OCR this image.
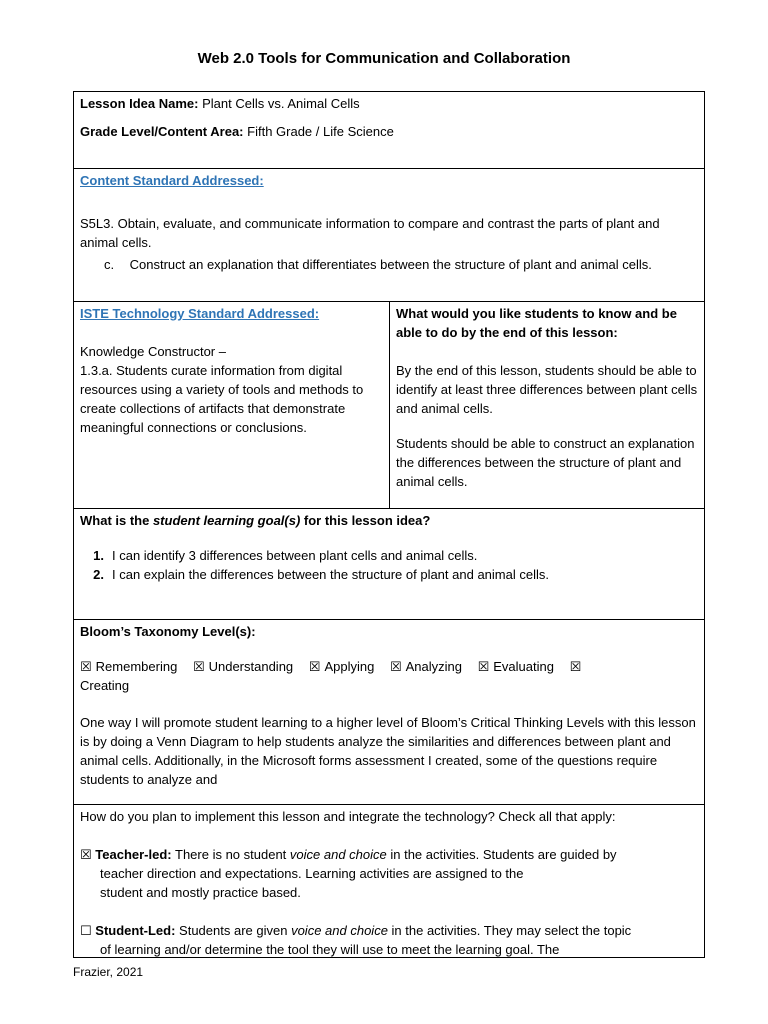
Web 2.0 Tools for Communication and Collaboration
Lesson Idea Name: Plant Cells vs. Animal Cells
Grade Level/Content Area: Fifth Grade / Life Science
Content Standard Addressed:
S5L3. Obtain, evaluate, and communicate information to compare and contrast the parts of plant and animal cells.
c. Construct an explanation that differentiates between the structure of plant and animal cells.
ISTE Technology Standard Addressed:
Knowledge Constructor –
1.3.a. Students curate information from digital resources using a variety of tools and methods to create collections of artifacts that demonstrate meaningful connections or conclusions.
What would you like students to know and be able to do by the end of this lesson:
By the end of this lesson, students should be able to identify at least three differences between plant cells and animal cells.
Students should be able to construct an explanation the differences between the structure of plant and animal cells.
What is the student learning goal(s) for this lesson idea?
1. I can identify 3 differences between plant cells and animal cells.
2. I can explain the differences between the structure of plant and animal cells.
Bloom’s Taxonomy Level(s):
☒ Remembering ☒ Understanding ☒ Applying ☒ Analyzing ☒ Evaluating ☒
Creating
One way I will promote student learning to a higher level of Bloom’s Critical Thinking Levels with this lesson is by doing a Venn Diagram to help students analyze the similarities and differences between plant and animal cells. Additionally, in the Microsoft forms assessment I created, some of the questions require students to analyze and
How do you plan to implement this lesson and integrate the technology? Check all that apply:
☒ Teacher-led: There is no student voice and choice in the activities. Students are guided by
teacher direction and expectations. Learning activities are assigned to the
student and mostly practice based.
☐ Student-Led: Students are given voice and choice in the activities. They may select the topic
of learning and/or determine the tool they will use to meet the learning goal. The
Frazier, 2021
